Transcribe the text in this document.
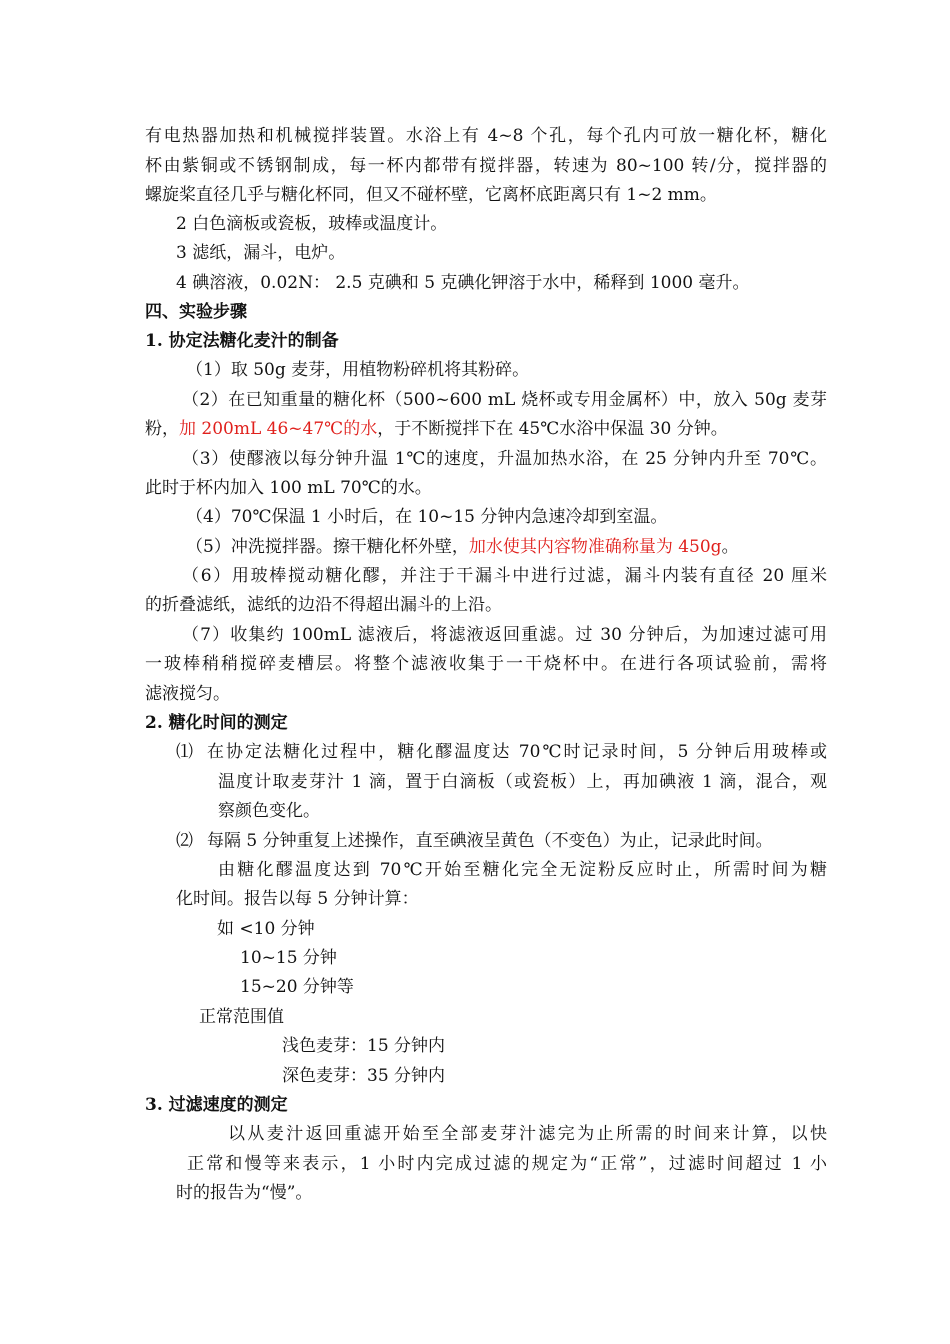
有电热器加热和机械搅拌装置。水浴上有 4~8 个孔，每个孔内可放一糖化杯，糖化
杯由紫铜或不锈钢制成，每一杯内都带有搅拌器，转速为 80~100 转/分，搅拌器的
螺旋桨直径几乎与糖化杯同，但又不碰杯壁，它离杯底距离只有 1~2 mm。
2 白色滴板或瓷板，玻棒或温度计。
3 滤纸，漏斗，电炉。
4 碘溶液，0.02N： 2.5 克碘和 5 克碘化钾溶于水中，稀释到 1000 毫升。
四、实验步骤
1. 协定法糖化麦汁的制备
（1）取 50g 麦芽，用植物粉碎机将其粉碎。
（2）在已知重量的糖化杯（500~600 mL 烧杯或专用金属杯）中，放入 50g 麦芽
粉，加 200mL 46~47℃的水，于不断搅拌下在 45℃水浴中保温 30 分钟。
（3）使醪液以每分钟升温 1℃的速度，升温加热水浴，在 25 分钟内升至 70℃。
此时于杯内加入 100 mL 70℃的水。
（4）70℃保温 1 小时后，在 10~15 分钟内急速冷却到室温。
（5）冲洗搅拌器。擦干糖化杯外壁，加水使其内容物准确称量为 450g。
（6）用玻棒搅动糖化醪，并注于干漏斗中进行过滤，漏斗内装有直径 20 厘米
的折叠滤纸，滤纸的边沿不得超出漏斗的上沿。
（7）收集约 100mL 滤液后，将滤液返回重滤。过 30 分钟后，为加速过滤可用
一玻棒稍稍搅碎麦槽层。将整个滤液收集于一干烧杯中。在进行各项试验前，需将
滤液搅匀。
2. 糖化时间的测定
⑴ 在协定法糖化过程中，糖化醪温度达 70℃时记录时间，5 分钟后用玻棒或
温度计取麦芽汁 1 滴，置于白滴板（或瓷板）上，再加碘液 1 滴，混合，观
察颜色变化。
⑵ 每隔 5 分钟重复上述操作，直至碘液呈黄色（不变色）为止，记录此时间。
由糖化醪温度达到 70℃开始至糖化完全无淀粉反应时止，所需时间为糖
化时间。报告以每 5 分钟计算：
如 <10 分钟
10~15 分钟
15~20 分钟等
正常范围值
浅色麦芽：15 分钟内
深色麦芽：35 分钟内
3. 过滤速度的测定
以从麦汁返回重滤开始至全部麦芽汁滤完为止所需的时间来计算，以快
正常和慢等来表示，1 小时内完成过滤的规定为“正常”，过滤时间超过 1 小
时的报告为“慢”。
